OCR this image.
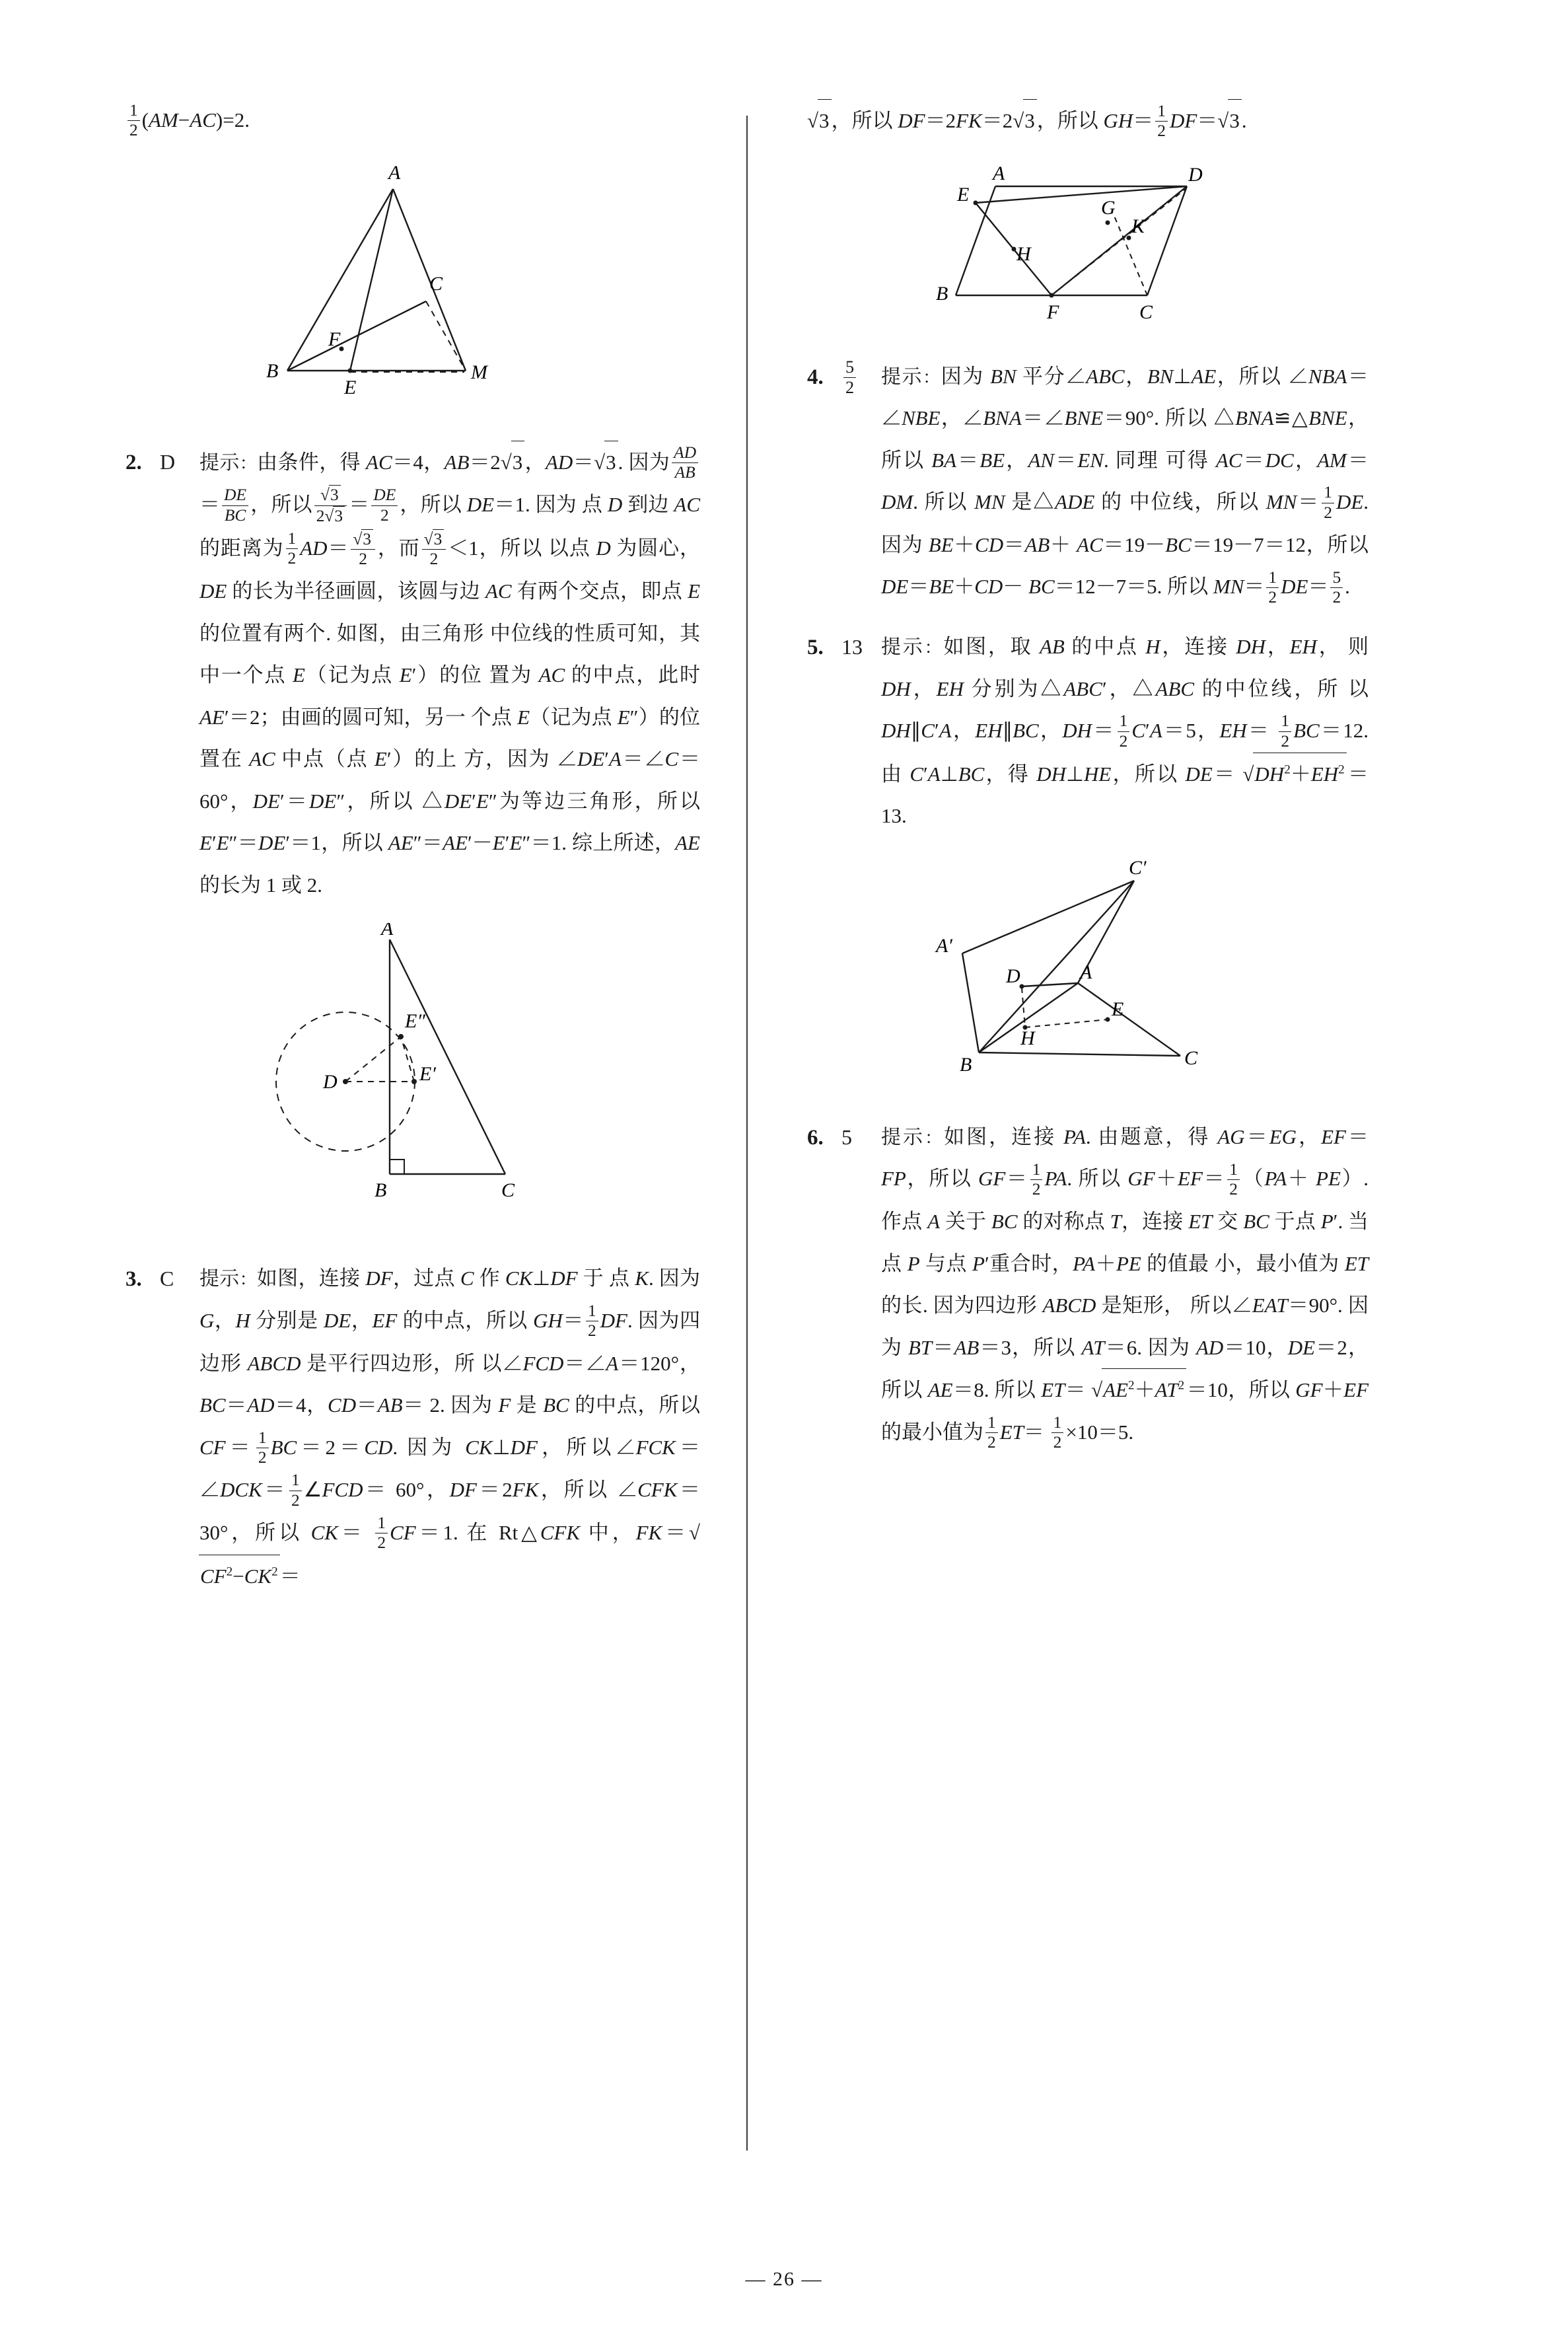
$\frac{1}{2} (AM-AC)=2$.
A
C
F
B
E
M
2. D	提示：由条件，得 AC＝4，AB＝2√3，AD＝√3. 因为 $\frac{AD}{AB}$
＝ $\frac{DE}{BC}$ ，所以 $\frac{√3}{2√3} = \frac{DE}{2}$ ，所以 DE＝1. 因为 点 D 到边 AC 的距离为 $\frac{1}{2} AD= \frac{√3}{2}$ ，而 $\frac{√3}{2} <1$，所以 以点 D 为圆心，DE 的长为半径画圆，该圆与边 AC 有两个交点，即点 E 的位置有两个. 如图，由三角形 中位线的性质可知，其中一个点 E（记为点 E′）的位 置为 AC 的中点，此时 AE′＝2；由画的圆可知，另一 个点 E（记为点 E″）的位置在 AC 中点（点 E′）的上 方，因为 ∠DE′A＝∠C＝60°，DE′＝DE″，所以 △DE′E″为等边三角形，所以 E′E″＝DE′＝1，所以 AE″＝AE′－E′E″＝1. 综上所述，AE 的长为 1 或 2.
A
E″
D	E′
B	C
3. C	提示：如图，连接 DF，过点 C 作 CK⊥DF 于 点 K. 因为 G，H 分别是 DE，EF 的中点，所以 $GH= \frac{1}{2}$ DF. 因为四边形 ABCD 是平行四边形，所 以∠FCD＝∠A＝120°，BC＝AD＝4，CD＝AB＝ 2. 因为 F 是 BC 的中点，所以 $CF= \frac{1}{2} BC=2=CD$. 因为 CK⊥DF，所以∠FCK＝∠DCK＝ $\frac{1}{2}$ ∠FCD＝ 60°，DF＝2FK，所以 ∠CFK＝30°，所以 $CK= \frac{1}{2} CF=1$. 在 Rt△CFK 中，$FK=√CF^2-CK^2=$
√3，所以 DF＝2FK＝2√3，所以 $GH= \frac{1}{2} DF=√3$.
A	D
E
G
K
H
B
F	C
4.	$\frac{5}{2}$ 提示：因为 BN 平分∠ABC，BN⊥AE，所以 ∠NBA＝∠NBE，∠BNA＝∠BNE＝90°. 所以 △BNA≌△BNE，所以 BA＝BE，AN＝EN. 同理 可得 AC＝DC，AM＝DM. 所以 MN 是△ADE 的 中位线，所以 $MN= \frac{1}{2}$ DE. 因为 BE＋CD＝AB＋ AC＝19－BC＝19－7＝12，所以 DE＝BE＋CD－ BC＝12－7＝5. 所以 $MN= \frac{1}{2} DE= \frac{5}{2}$ .
5. 13 提示：如图，取 AB 的中点 H，连接 DH，EH， 则 DH，EH 分别为△ABC′，△ABC 的中位线，所 以 DH∥C′A，EH∥BC，$DH= \frac{1}{2} C'A=5$，$EH= \frac{1}{2} BC=12$. 由 C′A⊥BC，得 DH⊥HE，所以 $DE= √DH^2+EH^2=13$.
C′
A′
D	A
E
H
B	C
6. 5	提示：如图，连接 PA. 由题意，得 AG＝EG，EF＝ FP，所以 $GF= \frac{1}{2}$ PA. 所以 $GF+EF= \frac{1}{2} (PA+ PE)$. 作点 A 关于 BC 的对称点 T，连接 ET 交 BC 于点 P′. 当点 P 与点 P′重合时，PA＋PE 的值最 小，最小值为 ET 的长. 因为四边形 ABCD 是矩形， 所以∠EAT＝90°. 因为 BT＝AB＝3，所以 AT＝6. 因为 AD＝10，DE＝2，所以 AE＝8. 所以 $ET= √AE^2+AT^2=10$，所以 GF＋EF 的最小值为 $\frac{1}{2} ET= \frac{1}{2} \times 10=5$.
— 26 —
